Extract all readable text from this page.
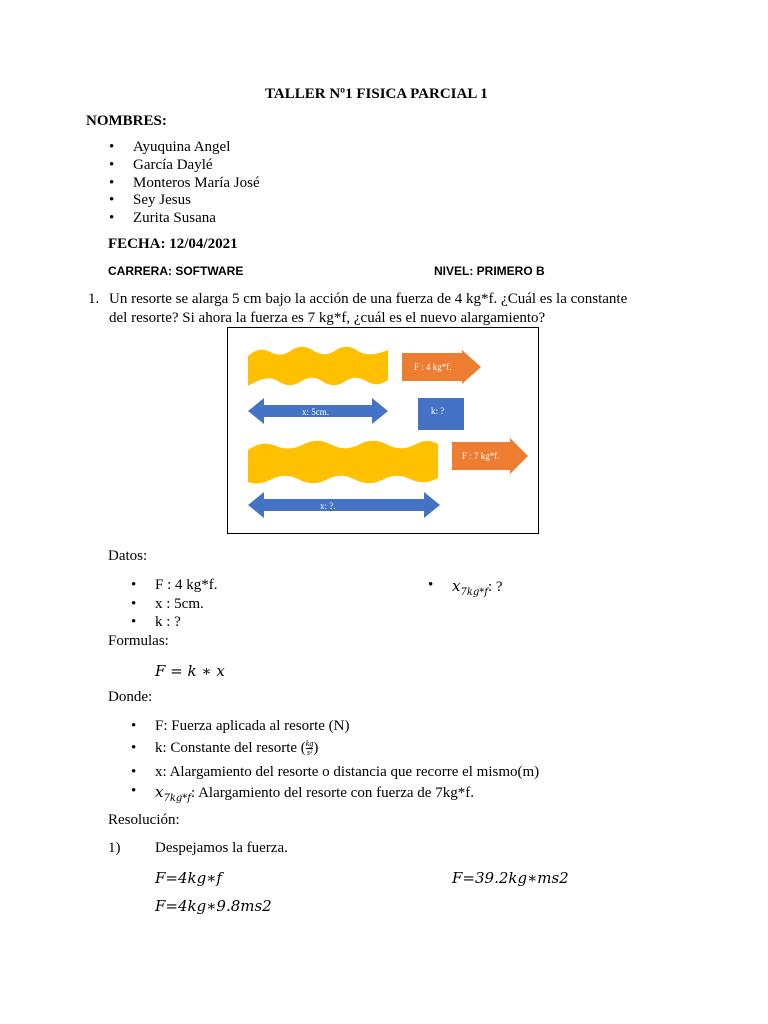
TALLER Nº1 FISICA PARCIAL 1
NOMBRES:
• Ayuquina Angel
• García Daylé
• Monteros María José
• Sey Jesus
• Zurita Susana
FECHA: 12/04/2021
CARRERA: SOFTWARE	NIVEL: PRIMERO B
1. Un resorte se alarga 5 cm bajo la acción de una fuerza de 4 kg*f. ¿Cuál es la constante
del resorte? Si ahora la fuerza es 7 kg*f, ¿cuál es el nuevo alargamiento?
F : 4 kg*f.
x: 5cm.	k: ?
F : 7 kg*f.
x: ?.
Datos:
• F : 4 kg*f.
• x : 5cm.
• k : ?
• $x_{7kg*f}$: ?
Formulas:
F = k ∗ x
Donde:
• F: Fuerza aplicada al resorte (N)
• k: Constante del resorte ( $\frac{kg}{\text{s²}}$ )
• x: Alargamiento del resorte o distancia que recorre el mismo(m)
• $x_{7kg*f}$: Alargamiento del resorte con fuerza de 7kg*f.
Resolución:
1) Despejamos la fuerza.
F=4kg∗f	F=39.2kg∗ms2
F=4kg∗9.8ms2
